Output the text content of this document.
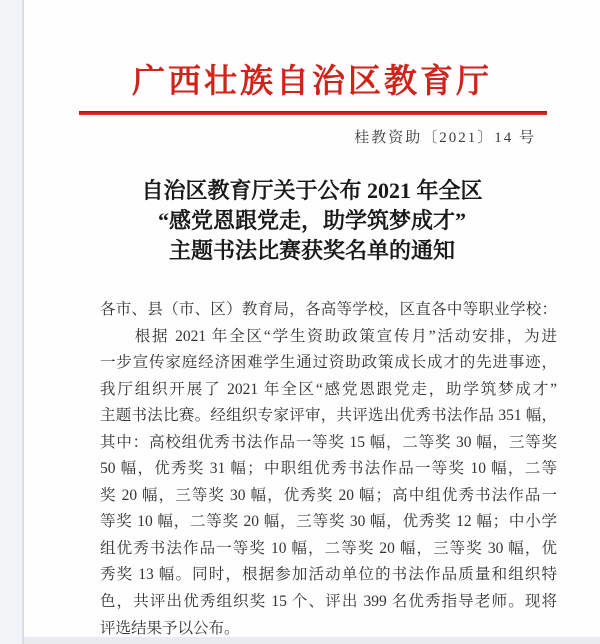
广西壮族自治区教育厅
桂教资助〔2021〕14 号
自治区教育厅关于公布 2021 年全区
“感党恩跟党走，助学筑梦成才”
主题书法比赛获奖名单的通知
各市、县（市、区）教育局，各高等学校，区直各中等职业学校：
　　根据 2021 年全区“学生资助政策宣传月”活动安排，为进
一步宣传家庭经济困难学生通过资助政策成长成才的先进事迹，
我厅组织开展了 2021 年全区“感党恩跟党走，助学筑梦成才”
主题书法比赛。经组织专家评审，共评选出优秀书法作品 351 幅，
其中：高校组优秀书法作品一等奖 15 幅，二等奖 30 幅，三等奖
50 幅，优秀奖 31 幅；中职组优秀书法作品一等奖 10 幅，二等
奖 20 幅，三等奖 30 幅，优秀奖 20 幅；高中组优秀书法作品一
等奖 10 幅，二等奖 20 幅，三等奖 30 幅，优秀奖 12 幅；中小学
组优秀书法作品一等奖 10 幅，二等奖 20 幅，三等奖 30 幅，优
秀奖 13 幅。同时，根据参加活动单位的书法作品质量和组织特
色，共评出优秀组织奖 15 个、评出 399 名优秀指导老师。现将
评选结果予以公布。
